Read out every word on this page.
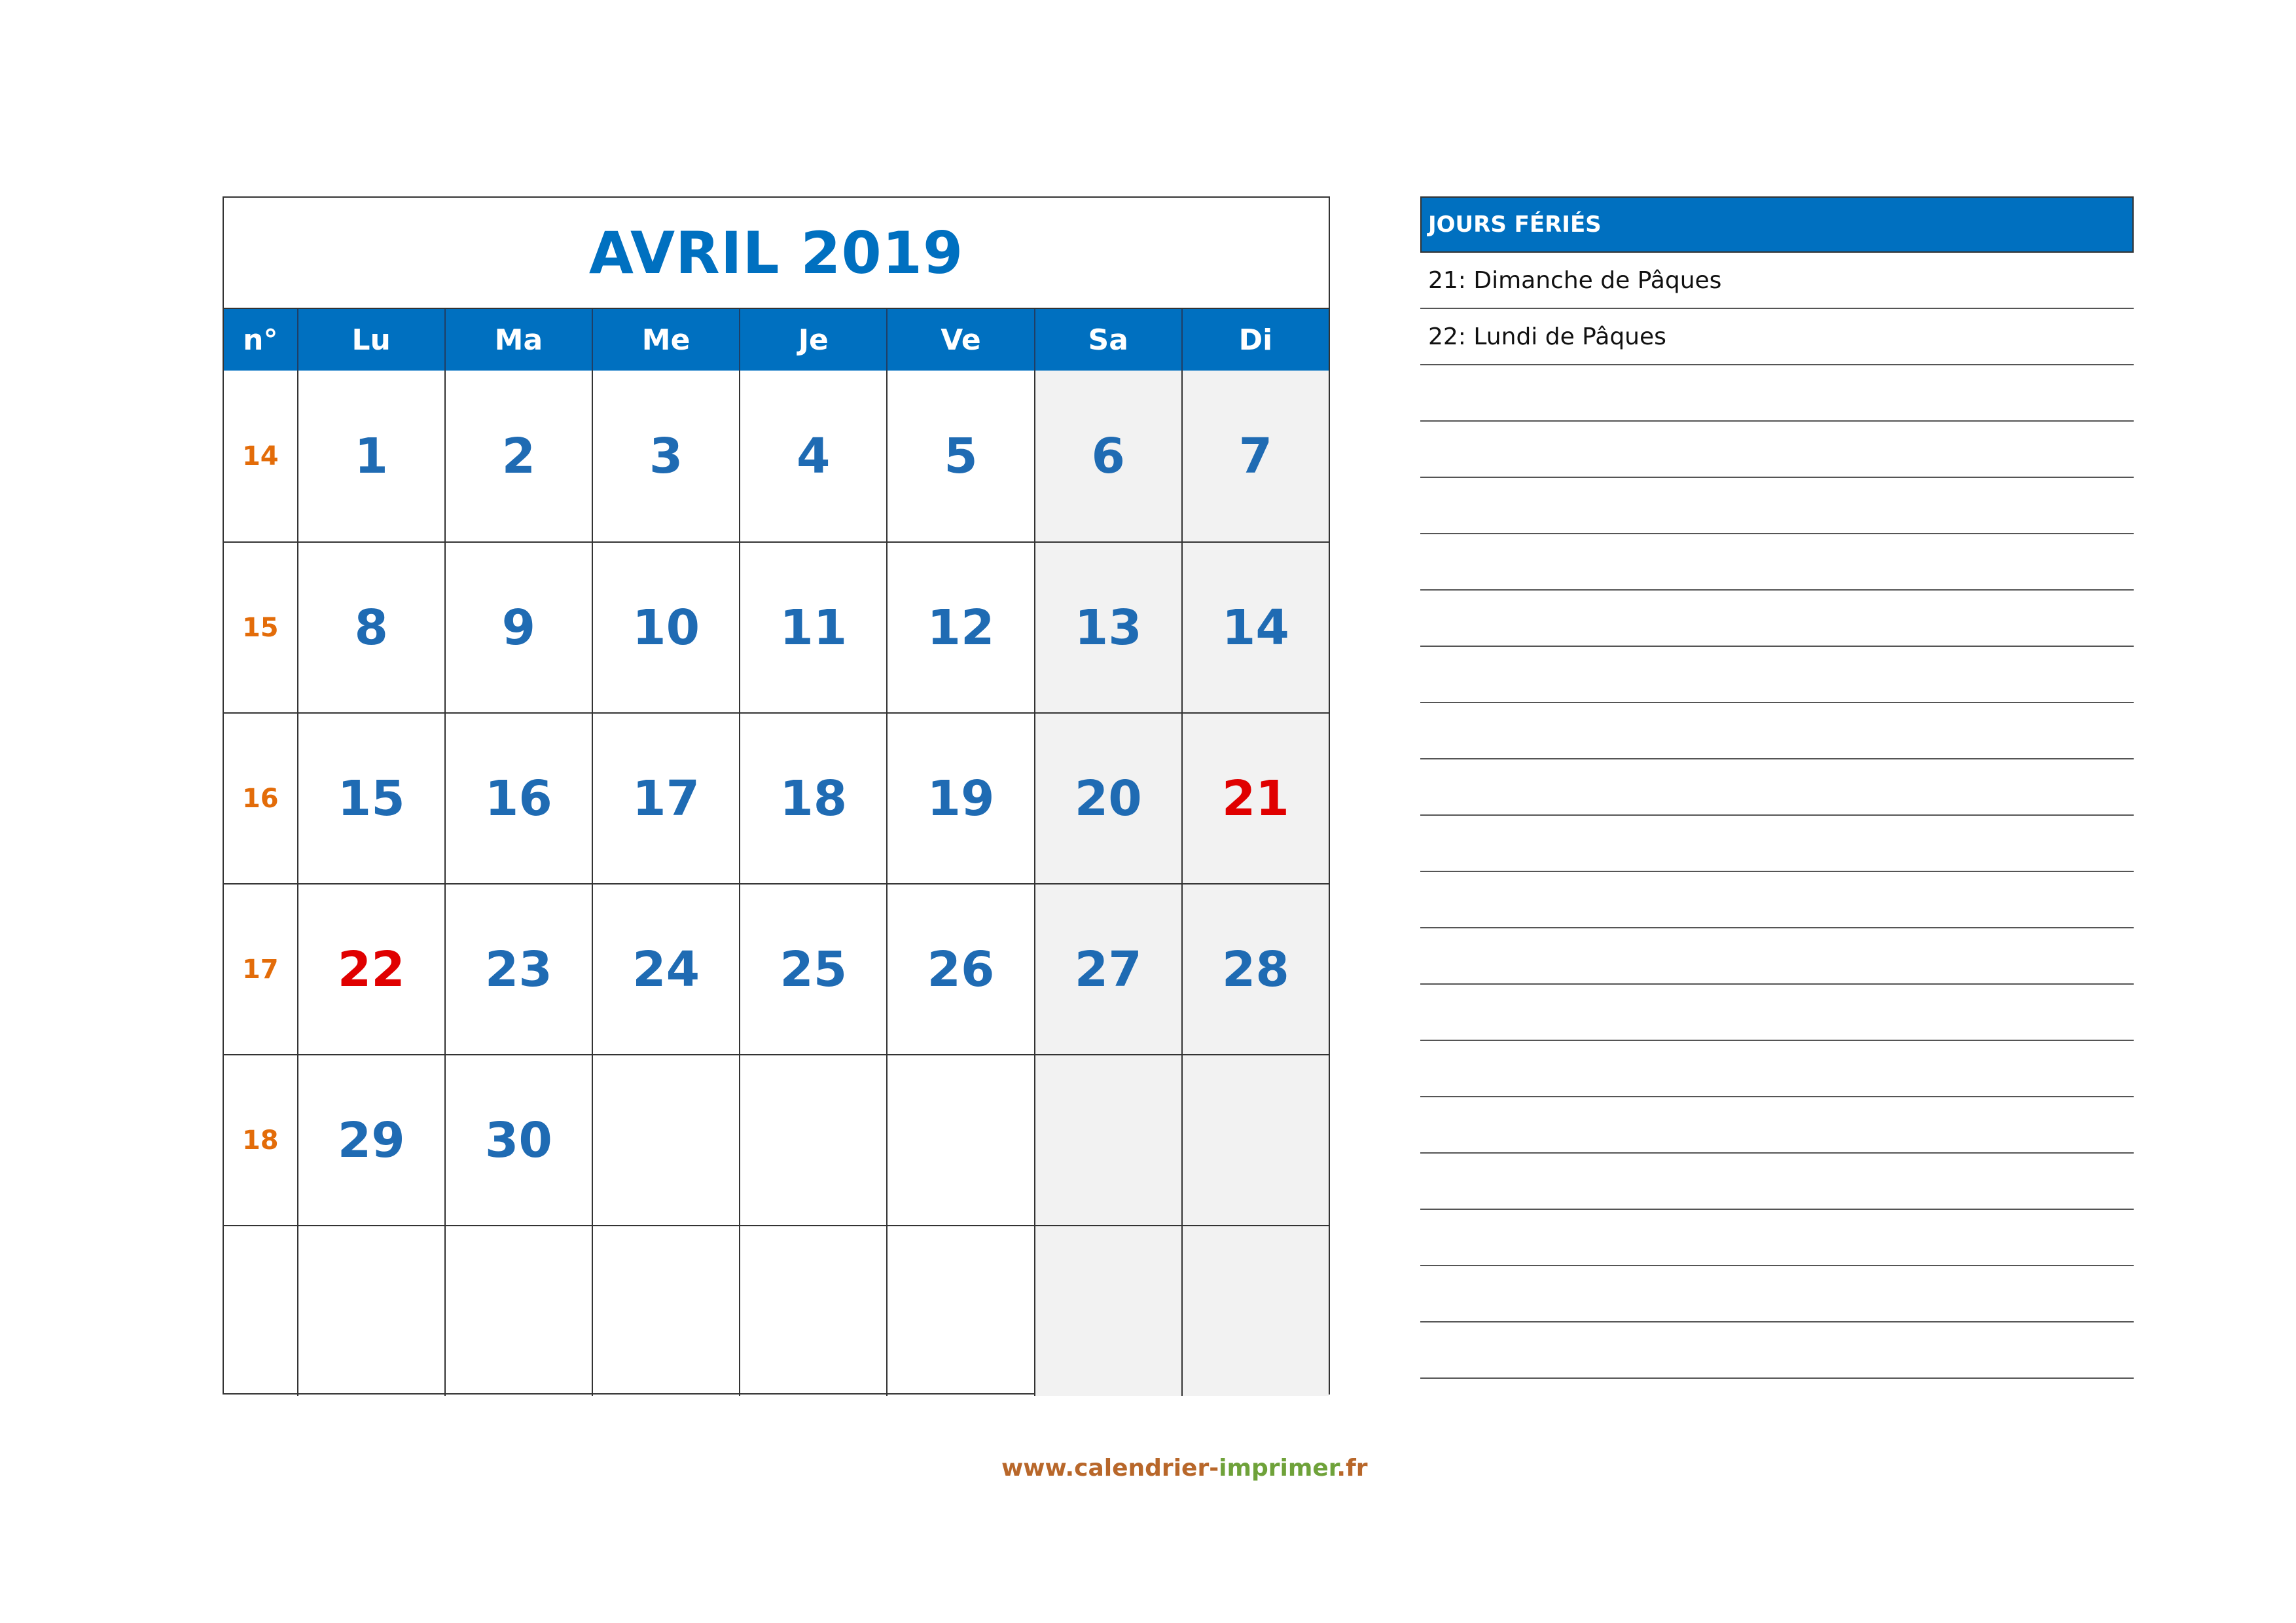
AVRIL 2019
n°	Lu	Ma	Me	Je	Ve	Sa	Di
14 1 2 3 4 5 6 7
15 8 9 10 11 12 13 14
16 15 16 17 18 19 20 21
17 22 23 24 25 26 27 28
18 29 30
JOURS FÉRIÉS
21: Dimanche de Pâques
22: Lundi de Pâques
www.calendrier-imprimer.fr
